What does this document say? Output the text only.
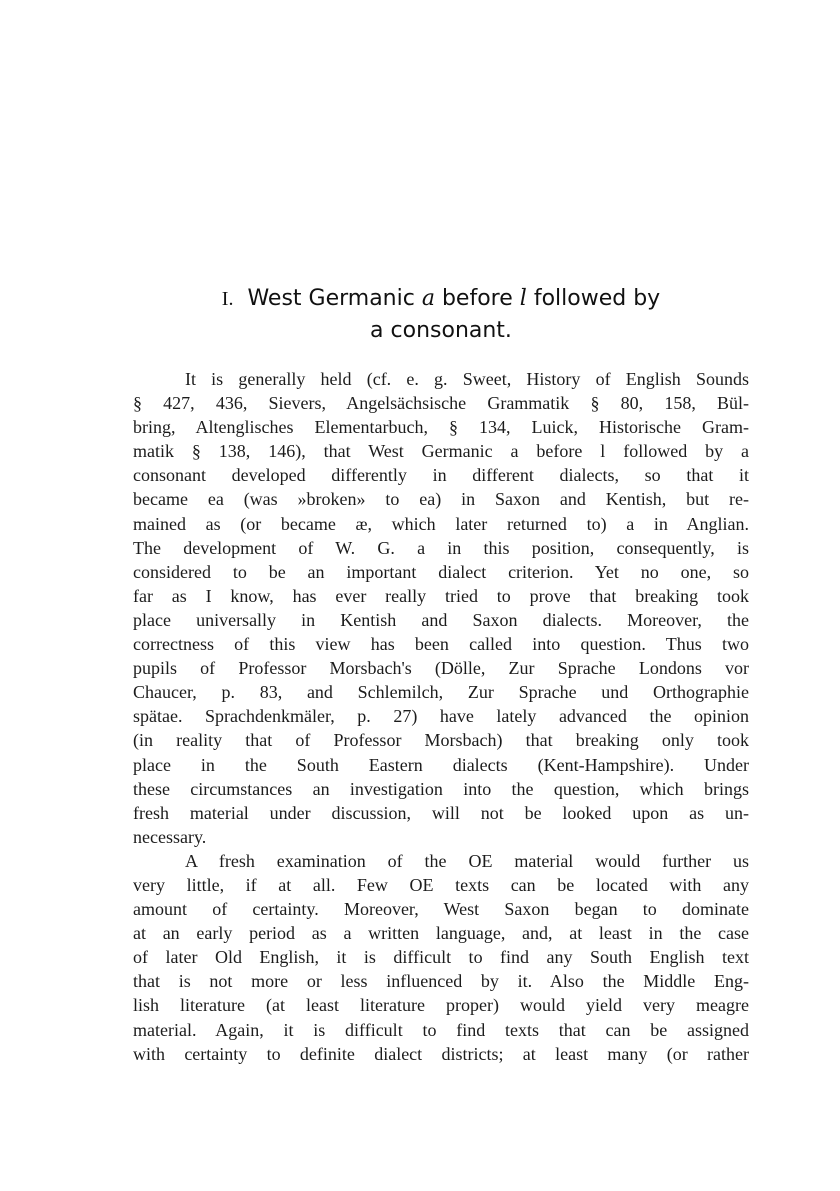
I. West Germanic a before l followed by
a consonant.

It is generally held (cf. e. g. Sweet, History of English Sounds
§ 427, 436, Sievers, Angelsächsische Grammatik § 80, 158, Bül-
bring, Altenglisches Elementarbuch, § 134, Luick, Historische Gram-
matik § 138, 146), that West Germanic a before l followed by a
consonant developed differently in different dialects, so that it
became ea (was »broken» to ea) in Saxon and Kentish, but re-
mained as (or became æ, which later returned to) a in Anglian.
The development of W. G. a in this position, consequently, is
considered to be an important dialect criterion. Yet no one, so
far as I know, has ever really tried to prove that breaking took
place universally in Kentish and Saxon dialects. Moreover, the
correctness of this view has been called into question. Thus two
pupils of Professor Morsbach's (Dölle, Zur Sprache Londons vor
Chaucer, p. 83, and Schlemilch, Zur Sprache und Orthographie
spätae. Sprachdenkmäler, p. 27) have lately advanced the opinion
(in reality that of Professor Morsbach) that breaking only took
place in the South Eastern dialects (Kent-Hampshire). Under
these circumstances an investigation into the question, which brings
fresh material under discussion, will not be looked upon as un-
necessary.

A fresh examination of the OE material would further us
very little, if at all. Few OE texts can be located with any
amount of certainty. Moreover, West Saxon began to dominate
at an early period as a written language, and, at least in the case
of later Old English, it is difficult to find any South English text
that is not more or less influenced by it. Also the Middle Eng-
lish literature (at least literature proper) would yield very meagre
material. Again, it is difficult to find texts that can be assigned
with certainty to definite dialect districts; at least many (or rather
